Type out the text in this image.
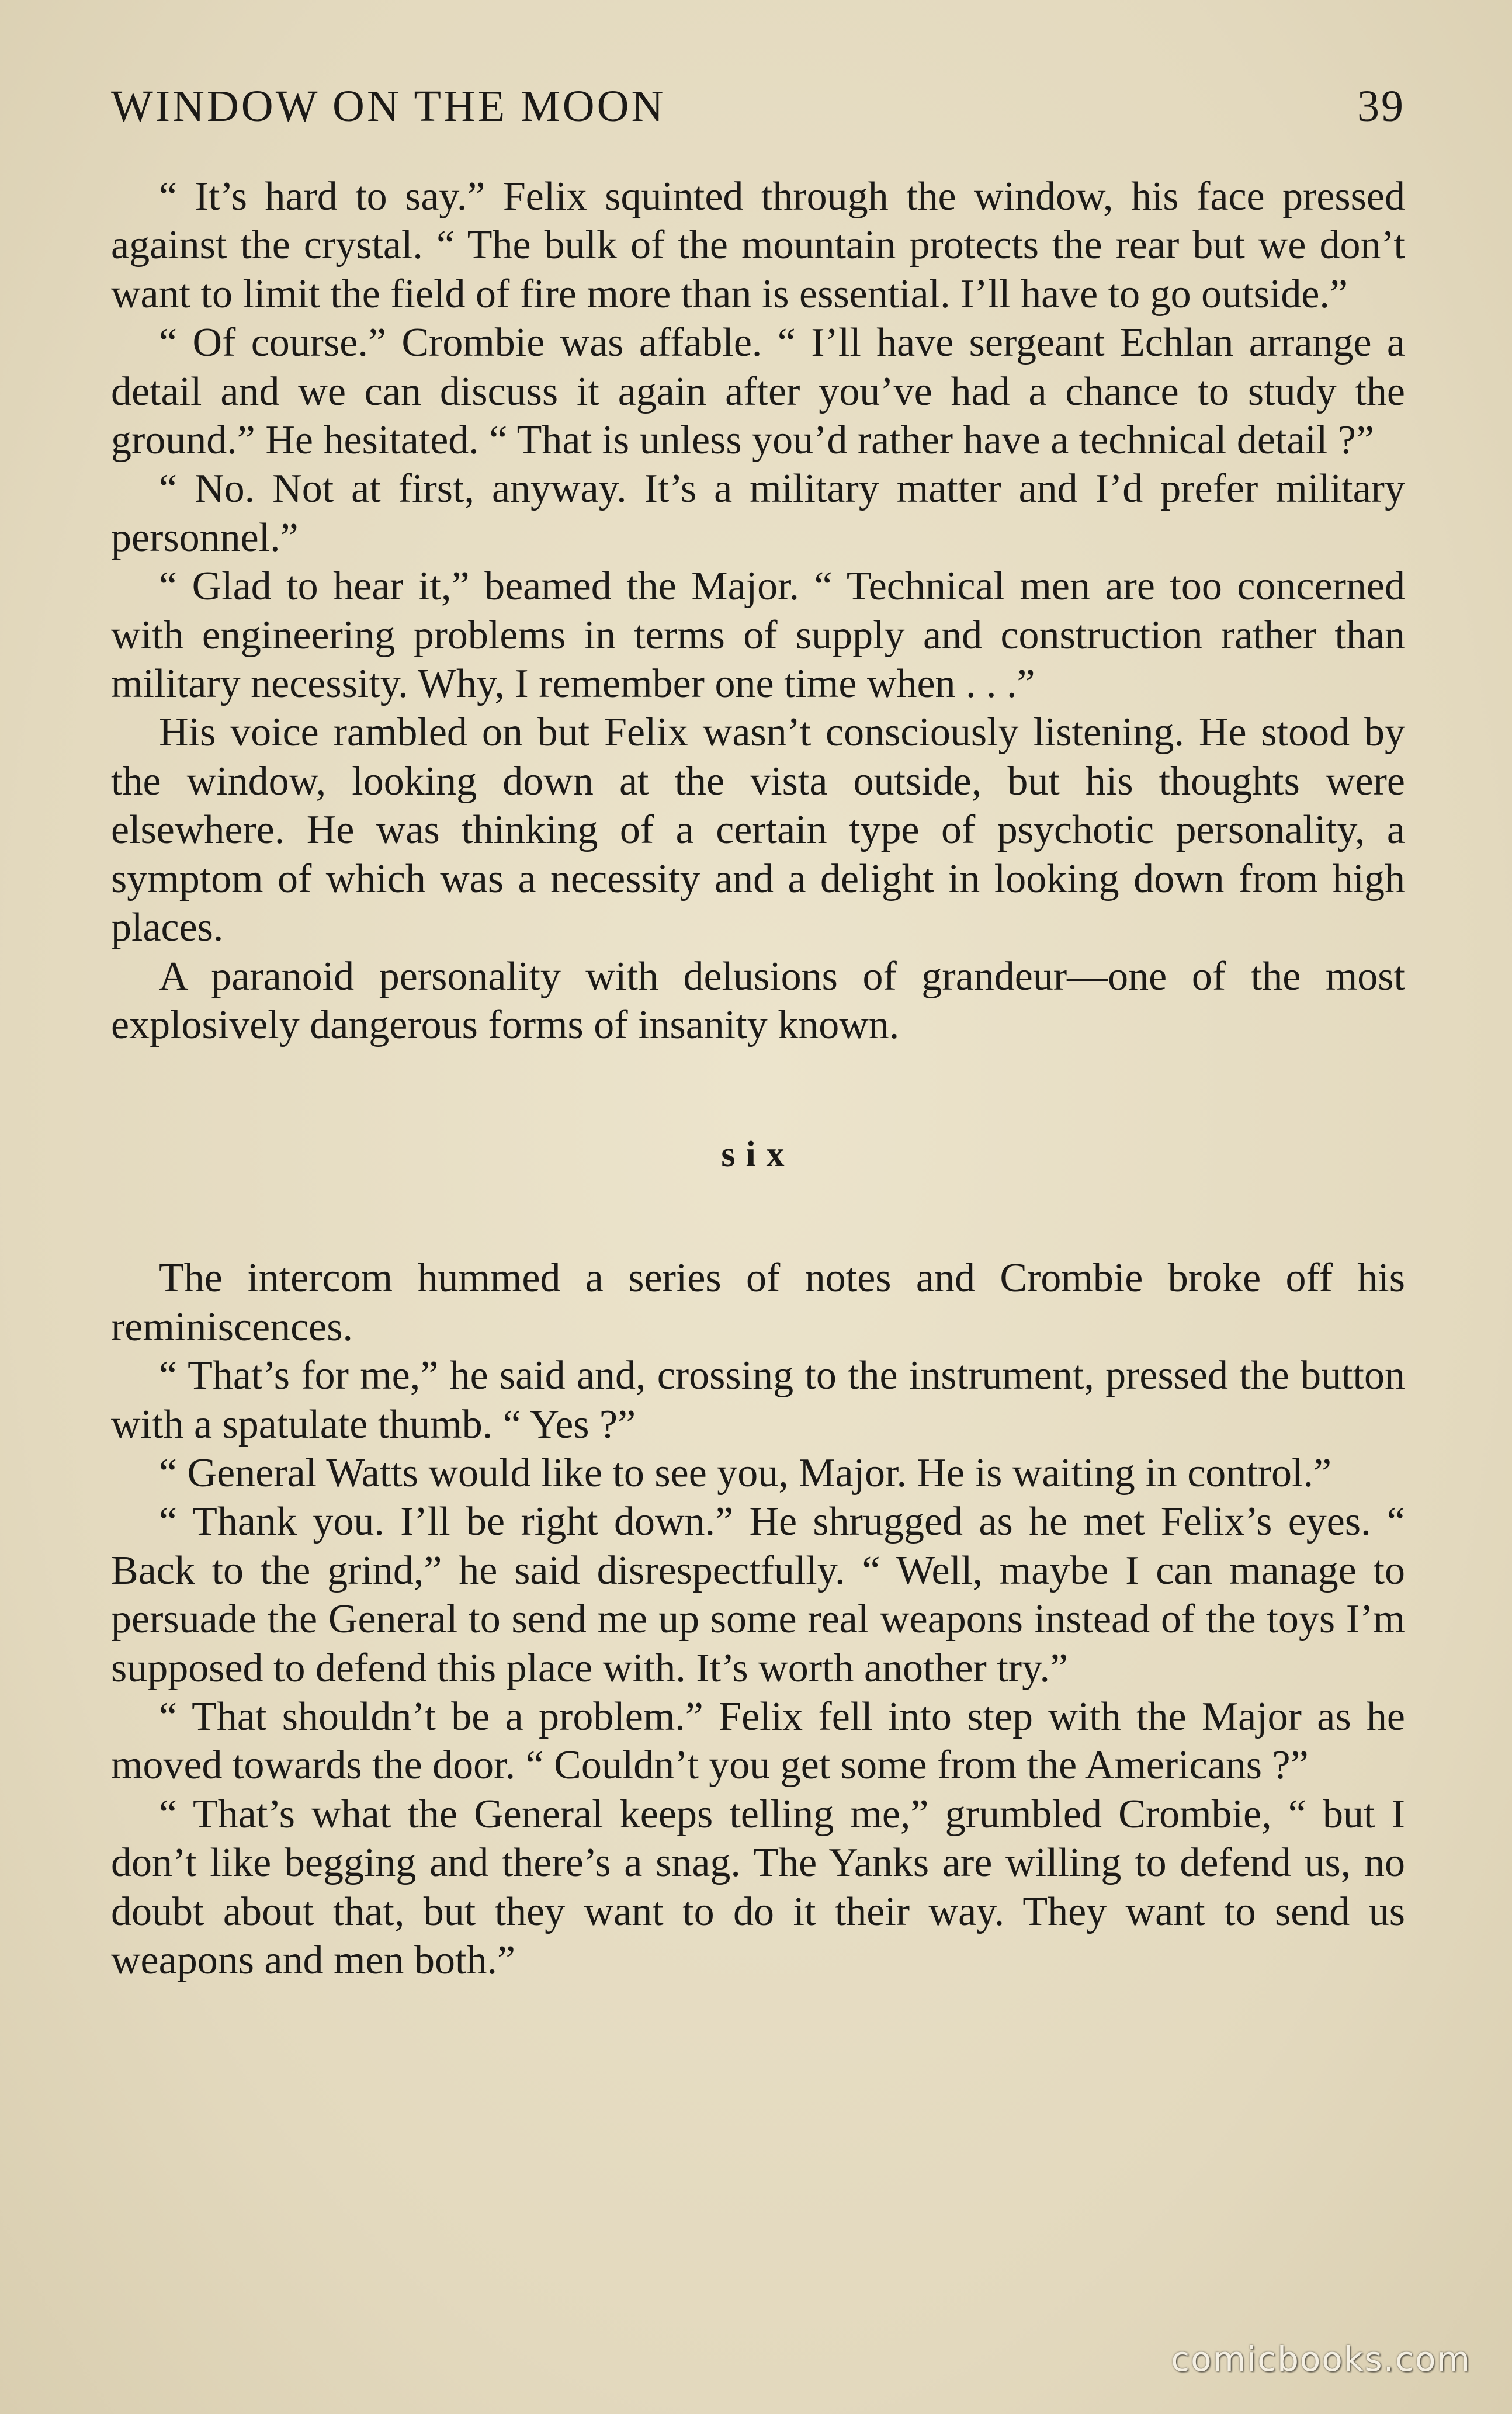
WINDOW ON THE MOON	39

“ It’s hard to say.” Felix squinted through the window, his face pressed against the crystal. “ The bulk of the mountain protects the rear but we don’t want to limit the field of fire more than is essential. I’ll have to go outside.”

“ Of course.” Crombie was affable. “ I’ll have sergeant Echlan arrange a detail and we can discuss it again after you’ve had a chance to study the ground.” He hesitated. “ That is unless you’d rather have a technical detail ?”

“ No. Not at first, anyway. It’s a military matter and I’d prefer military personnel.”

“ Glad to hear it,” beamed the Major. “ Technical men are too concerned with engineering problems in terms of supply and construction rather than military necessity. Why, I remember one time when . . .”

His voice rambled on but Felix wasn’t consciously listening. He stood by the window, looking down at the vista outside, but his thoughts were elsewhere. He was thinking of a certain type of psychotic personality, a symptom of which was a necessity and a delight in looking down from high places.

A paranoid personality with delusions of grandeur—one of the most explosively dangerous forms of insanity known.

six

The intercom hummed a series of notes and Crombie broke off his reminiscences.

“ That’s for me,” he said and, crossing to the instrument, pressed the button with a spatulate thumb. “ Yes ?”

“ General Watts would like to see you, Major. He is waiting in control.”

“ Thank you. I’ll be right down.” He shrugged as he met Felix’s eyes. “ Back to the grind,” he said disrespectfully. “ Well, maybe I can manage to persuade the General to send me up some real weapons instead of the toys I’m supposed to defend this place with. It’s worth another try.”

“ That shouldn’t be a problem.” Felix fell into step with the Major as he moved towards the door. “ Couldn’t you get some from the Americans ?”

“ That’s what the General keeps telling me,” grumbled Crombie, “ but I don’t like begging and there’s a snag. The Yanks are willing to defend us, no doubt about that, but they want to do it their way. They want to send us weapons and men both.”

comicbooks.com
